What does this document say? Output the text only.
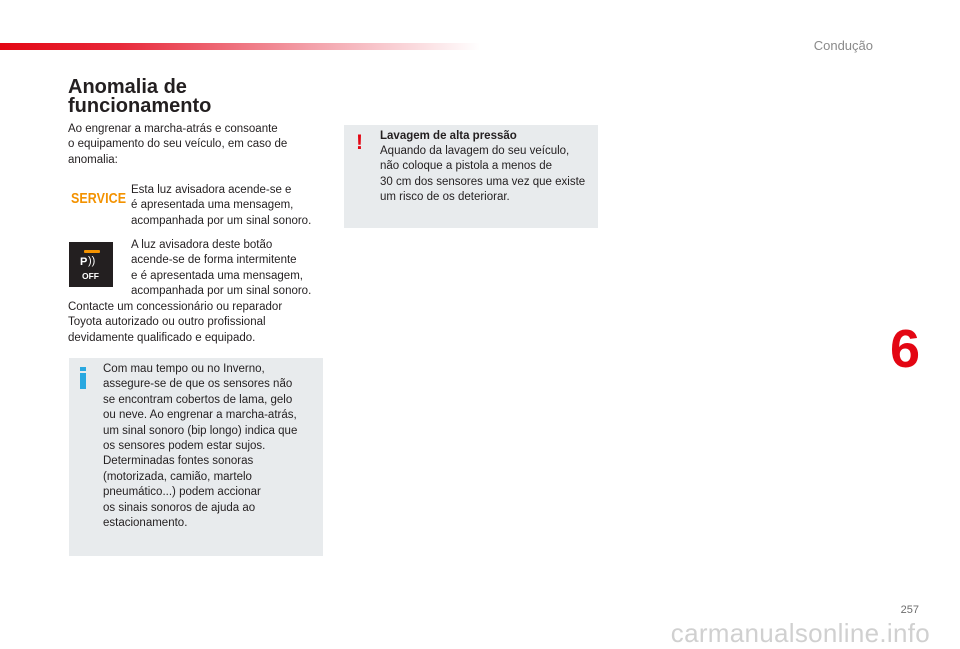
Condução
6
Anomalia de
funcionamento

Ao engrenar a marcha-atrás e consoante
o equipamento do seu veículo, em caso de
anomalia:

SERVICE

Esta luz avisadora acende-se e
é apresentada uma mensagem,
acompanhada por um sinal sonoro.

P ))
OFF

A luz avisadora deste botão
acende-se de forma intermitente
e é apresentada uma mensagem,
acompanhada por um sinal sonoro.

Contacte um concessionário ou reparador
Toyota autorizado ou outro profissional
devidamente qualificado e equipado.

Com mau tempo ou no Inverno,
assegure-se de que os sensores não
se encontram cobertos de lama, gelo
ou neve. Ao engrenar a marcha-atrás,
um sinal sonoro (bip longo) indica que
os sensores podem estar sujos.
Determinadas fontes sonoras
(motorizada, camião, martelo
pneumático...) podem accionar
os sinais sonoros de ajuda ao
estacionamento.

! Lavagem de alta pressão

Aquando da lavagem do seu veículo,
não coloque a pistola a menos de
30 cm dos sensores uma vez que existe
um risco de os deteriorar.

257
carmanualsonline.info
